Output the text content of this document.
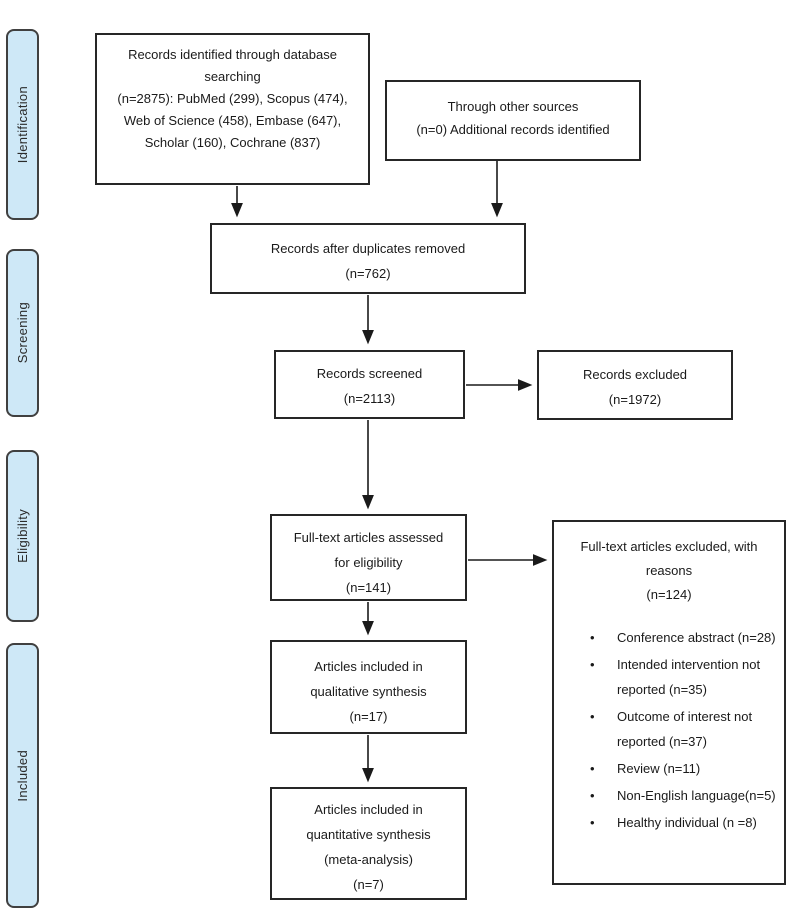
Identification
Screening
Eligibility
Included
Records identified through database
searching
(n=2875): PubMed (299), Scopus (474),
Web of Science (458), Embase (647),
Scholar (160), Cochrane (837)
Through other sources
(n=0) Additional records identified
Records after duplicates removed
(n=762)
Records screened
(n=2113)
Records excluded
(n=1972)
Full-text articles assessed
for eligibility
(n=141)
Full-text articles excluded, with
reasons
(n=124)
•	Conference abstract (n=28)
•	Intended intervention not reported (n=35)
•	Outcome of interest not reported (n=37)
•	Review (n=11)
•	Non-English language(n=5)
•	Healthy individual (n =8)
Articles included in
qualitative synthesis
(n=17)
Articles included in
quantitative synthesis
(meta-analysis)
(n=7)
